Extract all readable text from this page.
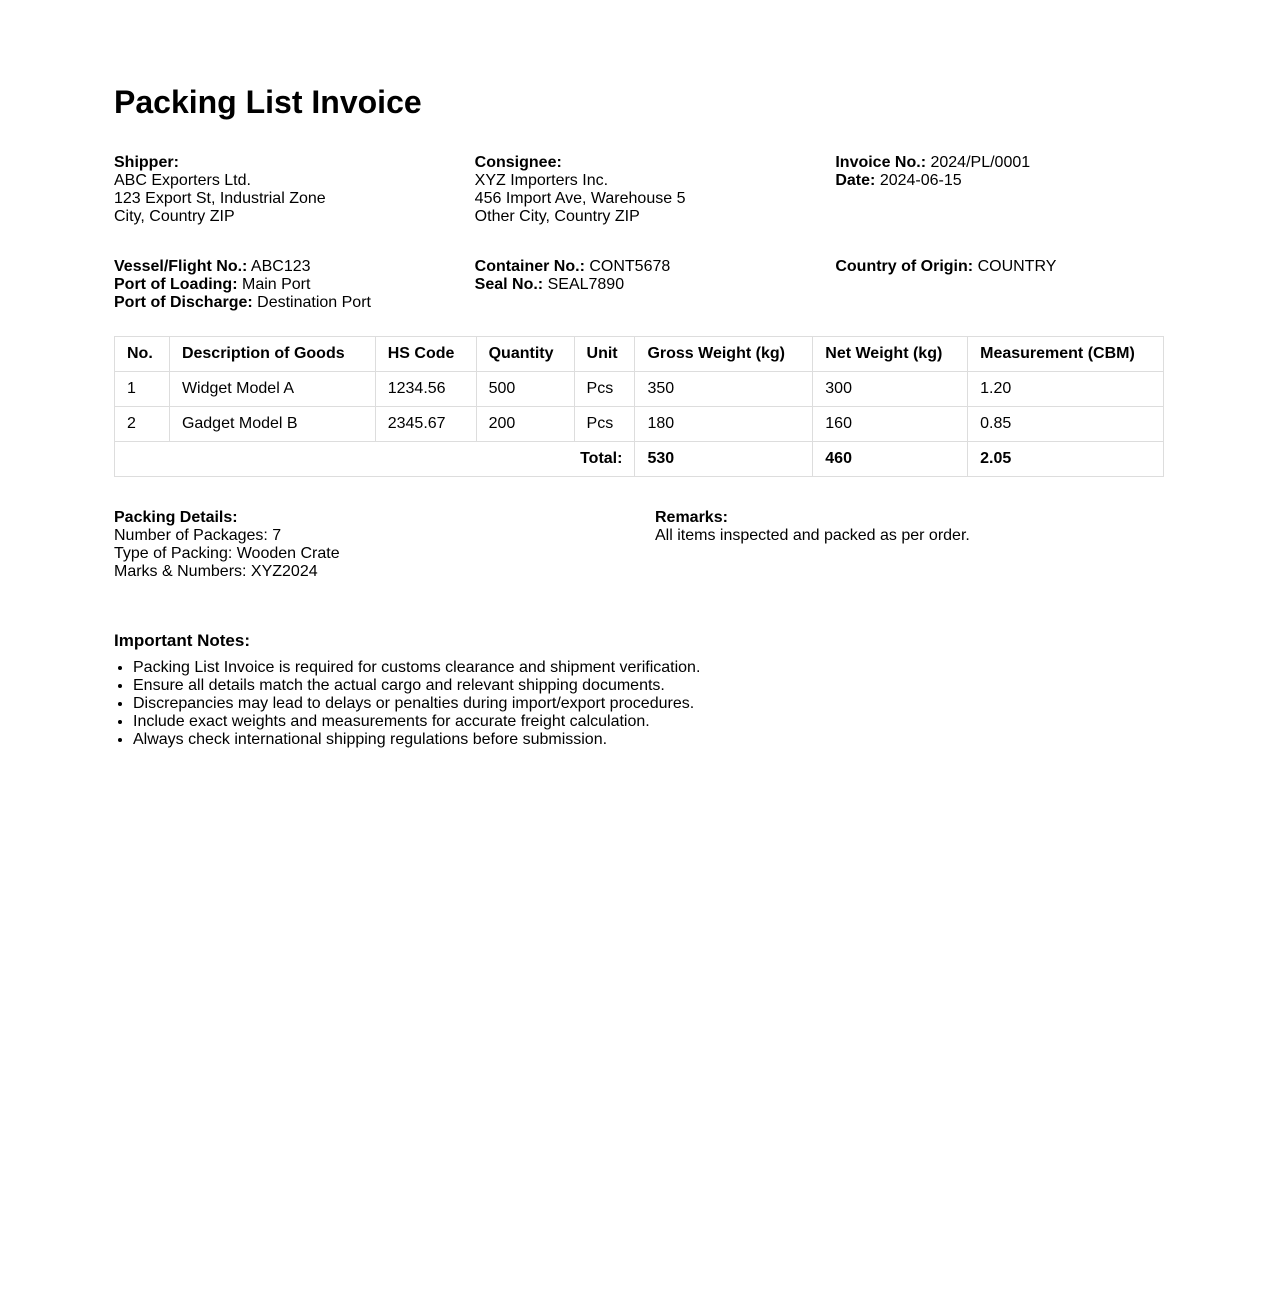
Packing List Invoice
Shipper:
ABC Exporters Ltd.
123 Export St, Industrial Zone
City, Country ZIP
Consignee:
XYZ Importers Inc.
456 Import Ave, Warehouse 5
Other City, Country ZIP
Invoice No.: 2024/PL/0001
Date: 2024-06-15
Vessel/Flight No.: ABC123
Port of Loading: Main Port
Port of Discharge: Destination Port
Container No.: CONT5678
Seal No.: SEAL7890
Country of Origin: COUNTRY
No.	Description of Goods	HS Code	Quantity	Unit	Gross Weight (kg)	Net Weight (kg)	Measurement (CBM)
1	Widget Model A	1234.56	500	Pcs	350	300	1.20
2	Gadget Model B	2345.67	200	Pcs	180	160	0.85
Total:					530	460	2.05
Packing Details:
Number of Packages: 7
Type of Packing: Wooden Crate
Marks & Numbers: XYZ2024
Remarks:
All items inspected and packed as per order.
Important Notes:
• Packing List Invoice is required for customs clearance and shipment verification.
• Ensure all details match the actual cargo and relevant shipping documents.
• Discrepancies may lead to delays or penalties during import/export procedures.
• Include exact weights and measurements for accurate freight calculation.
• Always check international shipping regulations before submission.
